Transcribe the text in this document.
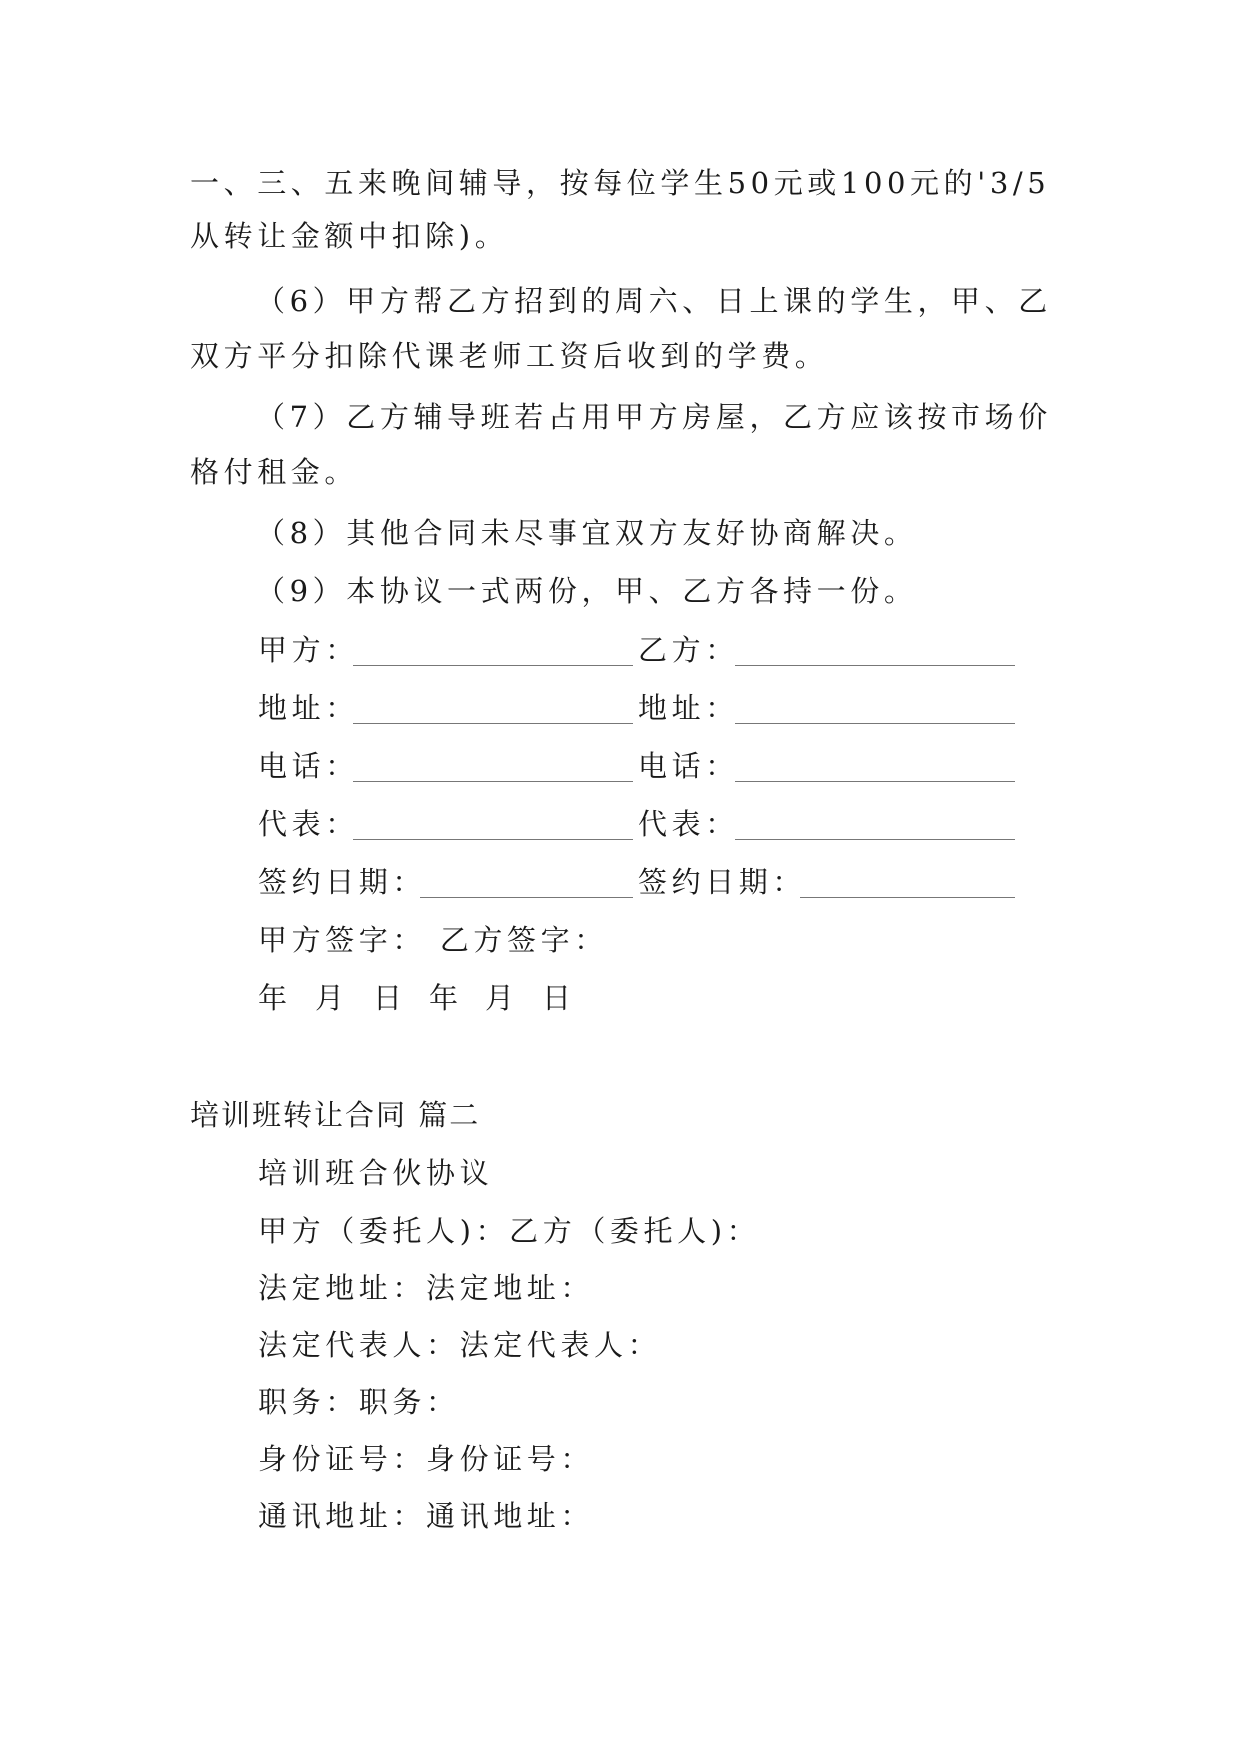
一、三、五来晚间辅导，按每位学生50元或100元的'3/5
从转让金额中扣除)。
（6）甲方帮乙方招到的周六、日上课的学生，甲、乙
双方平分扣除代课老师工资后收到的学费。
（7）乙方辅导班若占用甲方房屋，乙方应该按市场价
格付租金。
（8）其他合同未尽事宜双方友好协商解决。
（9）本协议一式两份，甲、乙方各持一份。
甲方：	乙方：
地址：	地址：
电话：	电话：
代表：	代表：
签约日期：	签约日期：
甲方签字： 乙方签字：
年 月 日 年 月 日
培训班转让合同 篇二
培训班合伙协议
甲方（委托人)：乙方（委托人)：
法定地址：法定地址：
法定代表人：法定代表人：
职务：职务：
身份证号：身份证号：
通讯地址：通讯地址：
